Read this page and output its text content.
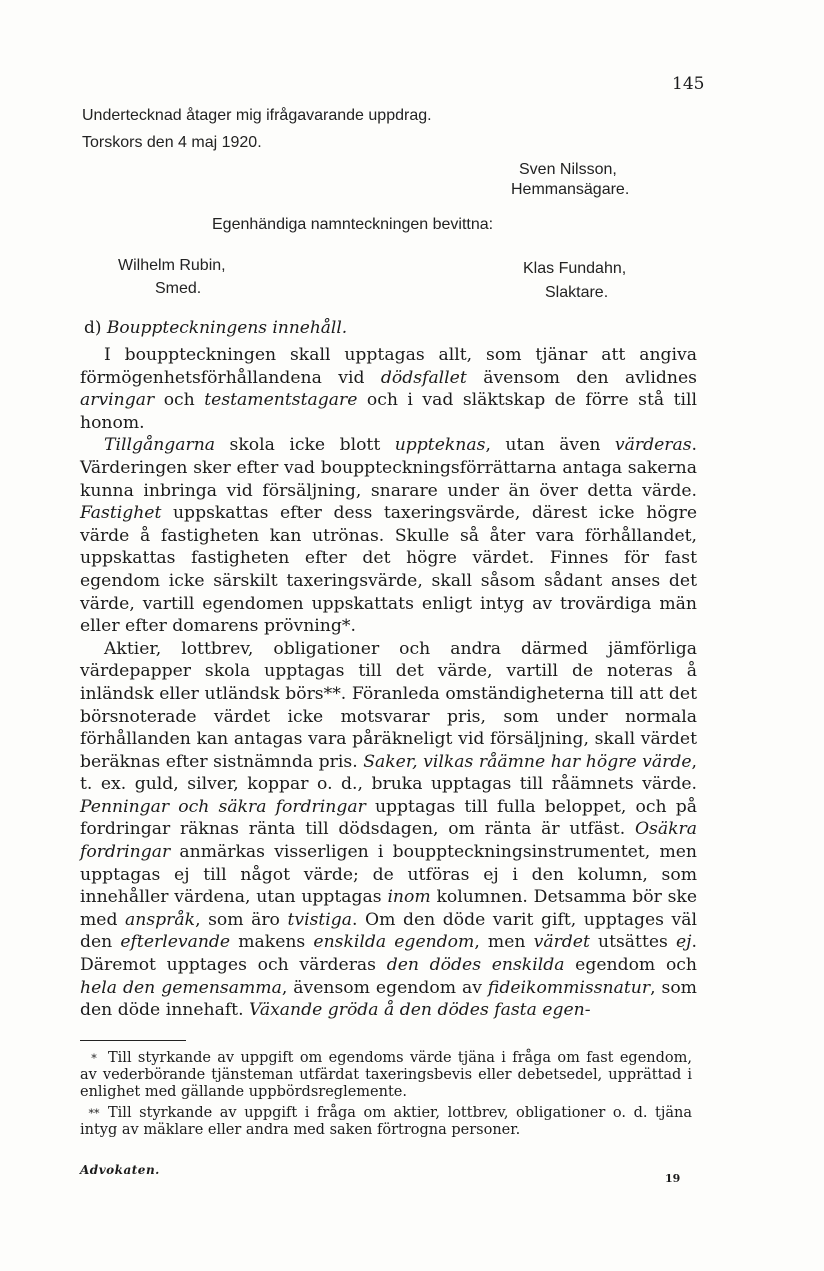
145
Undertecknad åtager mig ifrågavarande uppdrag.
Torskors den 4 maj 1920.
Sven Nilsson,
Hemmansägare.
Egenhändiga namnteckningen bevittna:
Wilhelm Rubin,
Smed.
Klas Fundahn,
Slaktare.
d) Bouppteckningens innehåll.

I bouppteckningen skall upptagas allt, som tjänar att angiva förmögenhetsförhållandena vid dödsfallet ävensom den avlidnes arvingar och testamentstagare och i vad släktskap de förre stå till honom.

Tillgångarna skola icke blott uppteknas, utan även värderas. Värderingen sker efter vad bouppteckningsförrättarna antaga sakerna kunna inbringa vid försäljning, snarare under än över detta värde. Fastighet uppskattas efter dess taxeringsvärde, därest icke högre värde å fastigheten kan utrönas. Skulle så åter vara förhållandet, uppskattas fastigheten efter det högre värdet. Finnes för fast egendom icke särskilt taxeringsvärde, skall såsom sådant anses det värde, vartill egendomen uppskattats enligt intyg av trovärdiga män eller efter domarens prövning*.

Aktier, lottbrev, obligationer och andra därmed jämförliga värdepapper skola upptagas till det värde, vartill de noteras å inländsk eller utländsk börs**. Föranleda omständigheterna till att det börsnoterade värdet icke motsvarar pris, som under normala förhållanden kan antagas vara påräkneligt vid försäljning, skall värdet beräknas efter sistnämnda pris. Saker, vilkas råämne har högre värde, t. ex. guld, silver, koppar o. d., bruka upptagas till råämnets värde. Penningar och säkra fordringar upptagas till fulla beloppet, och på fordringar räknas ränta till dödsdagen, om ränta är utfäst. Osäkra fordringar anmärkas visserligen i bouppteckningsinstrumentet, men upptagas ej till något värde; de utföras ej i den kolumn, som innehåller värdena, utan upptagas inom kolumnen. Detsamma bör ske med anspråk, som äro tvistiga. Om den döde varit gift, upptages väl den efterlevande makens enskilda egendom, men värdet utsättes ej. Däremot upptages och värderas den dödes enskilda egendom och hela den gemensamma, ävensom egendom av fideikommissnatur, som den döde innehaft. Växande gröda å den dödes fasta egen-

* Till styrkande av uppgift om egendoms värde tjäna i fråga om fast egendom, av vederbörande tjänsteman utfärdat taxeringsbevis eller debetsedel, upprättad i enlighet med gällande uppbördsreglemente.

** Till styrkande av uppgift i fråga om aktier, lottbrev, obligationer o. d. tjäna intyg av mäklare eller andra med saken förtrogna personer.

Advokaten.
19
